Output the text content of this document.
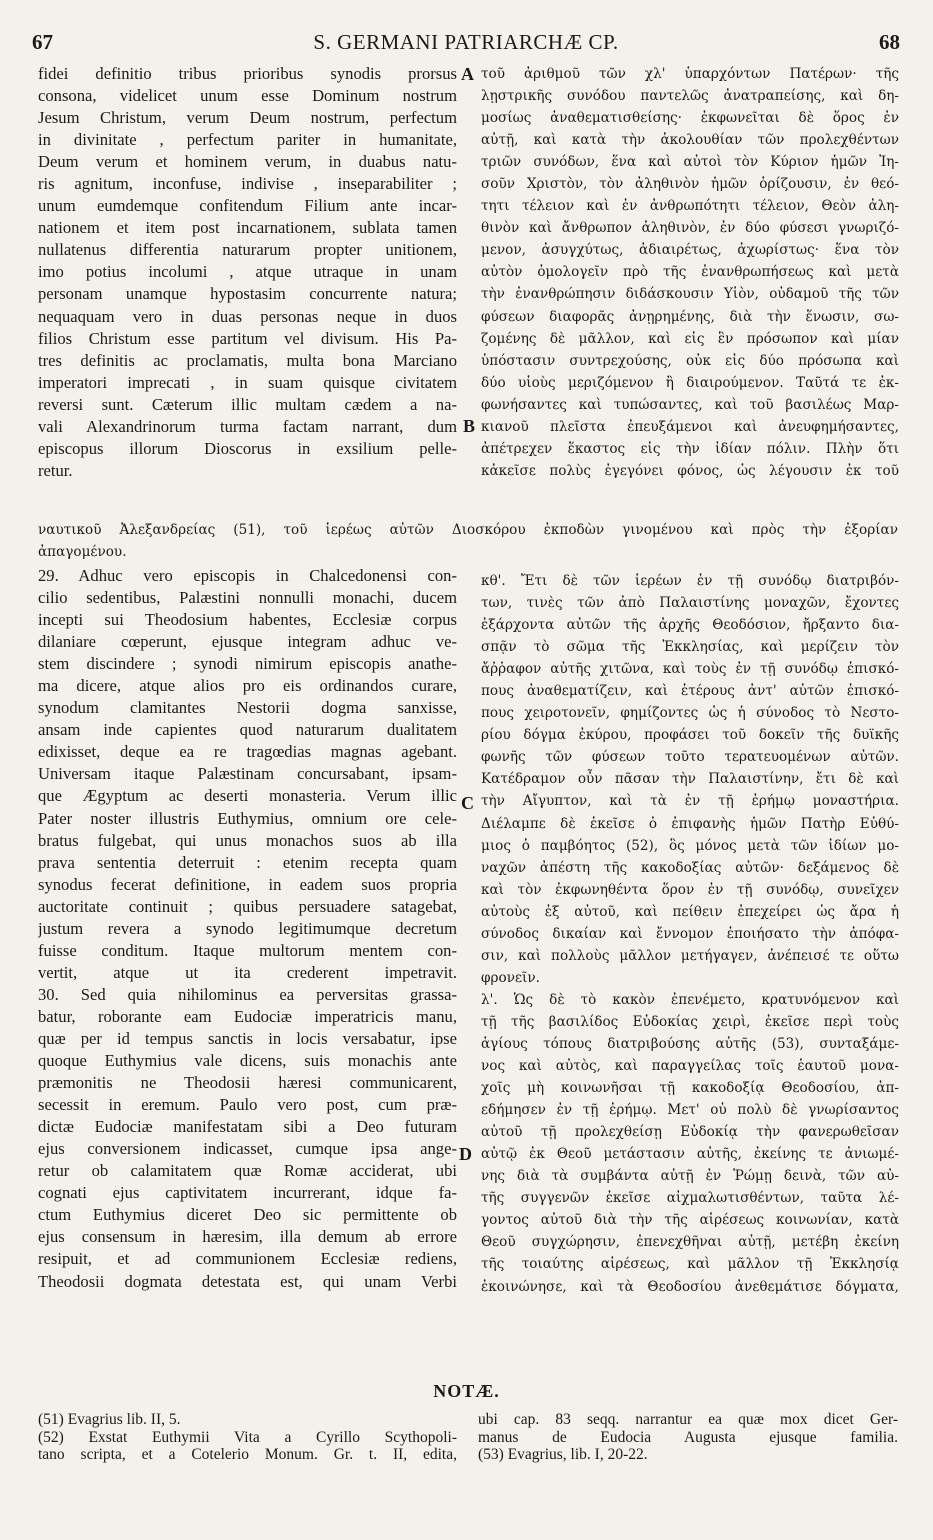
67	S. GERMANI PATRIARCHÆ CP.	68
fidei definitio tribus prioribus synodis prorsus
consona, videlicet unum esse Dominum nostrum
Jesum Christum, verum Deum nostrum, perfectum
in divinitate , perfectum pariter in humanitate,
Deum verum et hominem verum, in duabus natu-
ris agnitum, inconfuse, indivise , inseparabiliter ;
unum eumdemque confitendum Filium ante incar-
nationem et item post incarnationem, sublata tamen
nullatenus differentia naturarum propter unitionem,
imo potius incolumi , atque utraque in unam
personam unamque hypostasim concurrente natura;
nequaquam vero in duas personas neque in duos
filios Christum esse partitum vel divisum. His Pa-
tres definitis ac proclamatis, multa bona Marciano
imperatori imprecati , in suam quisque civitatem
reversi sunt. Cæterum illic multam cædem a na-
vali Alexandrinorum turma factam narrant, dum
episcopus illorum Dioscorus in exsilium pelle-
retur.
τοῦ ἀριθμοῦ τῶν χλ' ὑπαρχόντων Πατέρων· τῆς
λῃστρικῆς συνόδου παντελῶς ἀνατραπείσης, καὶ δη-
μοσίως ἀναθεματισθείσης· ἐκφωνεῖται δὲ ὅρος ἐν
αὐτῇ, καὶ κατὰ τὴν ἀκολουθίαν τῶν προλεχθέντων
τριῶν συνόδων, ἕνα καὶ αὐτοὶ τὸν Κύριον ἡμῶν Ἰη-
σοῦν Χριστὸν, τὸν ἀληθινὸν ἡμῶν ὁρίζουσιν, ἐν θεό-
τητι τέλειον καὶ ἐν ἀνθρωπότητι τέλειον, Θεὸν ἀλη-
θινὸν καὶ ἄνθρωπον ἀληθινὸν, ἐν δύο φύσεσι γνωριζό-
μενον, ἀσυγχύτως, ἀδιαιρέτως, ἀχωρίστως· ἕνα τὸν
αὐτὸν ὁμολογεῖν πρὸ τῆς ἐνανθρωπήσεως καὶ μετὰ
τὴν ἐνανθρώπησιν διδάσκουσιν Υἱὸν, οὐδαμοῦ τῆς τῶν
φύσεων διαφορᾶς ἀνῃρημένης, διὰ τὴν ἕνωσιν, σω-
ζομένης δὲ μᾶλλον, καὶ εἰς ἓν πρόσωπον καὶ μίαν
ὑπόστασιν συντρεχούσης, οὐκ εἰς δύο πρόσωπα καὶ
δύο υἱοὺς μεριζόμενον ἢ διαιρούμενον. Ταῦτά τε ἐκ-
φωνήσαντες καὶ τυπώσαντες, καὶ τοῦ βασιλέως Μαρ-
κιανοῦ πλεῖστα ἐπευξάμενοι καὶ ἀνευφημήσαντες,
ἀπέτρεχεν ἕκαστος εἰς τὴν ἰδίαν πόλιν. Πλὴν ὅτι
κἀκεῖσε πολὺς ἐγεγόνει φόνος, ὡς λέγουσιν ἐκ τοῦ
A
B
C
D
ναυτικοῦ Ἀλεξανδρείας (51), τοῦ ἱερέως αὐτῶν Διοσκόρου ἐκποδὼν γινομένου καὶ πρὸς τὴν ἐξορίαν
ἀπαγομένου.
29. Adhuc vero episcopis in Chalcedonensi con-
cilio sedentibus, Palæstini nonnulli monachi, ducem
incepti sui Theodosium habentes, Ecclesiæ corpus
dilaniare cœperunt, ejusque integram adhuc ve-
stem discindere ; synodi nimirum episcopis anathe-
ma dicere, atque alios pro eis ordinandos curare,
synodum clamitantes Nestorii dogma sanxisse,
ansam inde capientes quod naturarum dualitatem
edixisset, deque ea re tragœdias magnas agebant.
Universam itaque Palæstinam concursabant, ipsam-
que Ægyptum ac deserti monasteria. Verum illic
Pater noster illustris Euthymius, omnium ore cele-
bratus fulgebat, qui unus monachos suos ab illa
prava sententia deterruit : etenim recepta quam
synodus fecerat definitione, in eadem suos propria
auctoritate continuit ; quibus persuadere satagebat,
justum revera a synodo legitimumque decretum
fuisse conditum. Itaque multorum mentem con-
vertit, atque ut ita crederent impetravit.
30. Sed quia nihilominus ea perversitas grassa-
batur, roborante eam Eudociæ imperatricis manu,
quæ per id tempus sanctis in locis versabatur, ipse
quoque Euthymius vale dicens, suis monachis ante
præmonitis ne Theodosii hæresi communicarent,
secessit in eremum. Paulo vero post, cum præ-
dictæ Eudociæ manifestatam sibi a Deo futuram
ejus conversionem indicasset, cumque ipsa ange-
retur ob calamitatem quæ Romæ acciderat, ubi
cognati ejus captivitatem incurrerant, idque fa-
ctum Euthymius diceret Deo sic permittente ob
ejus consensum in hæresim, illa demum ab errore
resipuit, et ad communionem Ecclesiæ rediens,
Theodosii dogmata detestata est, qui unam Verbi
κθ'. Ἔτι δὲ τῶν ἱερέων ἐν τῇ συνόδῳ διατριβόν-
των, τινὲς τῶν ἀπὸ Παλαιστίνης μοναχῶν, ἔχοντες
ἐξάρχοντα αὐτῶν τῆς ἀρχῆς Θεοδόσιον, ἤρξαντο δια-
σπᾷν τὸ σῶμα τῆς Ἐκκλησίας, καὶ μερίζειν τὸν
ἄῤῥαφον αὐτῆς χιτῶνα, καὶ τοὺς ἐν τῇ συνόδῳ ἐπισκό-
πους ἀναθεματίζειν, καὶ ἑτέρους ἀντ' αὐτῶν ἐπισκό-
πους χειροτονεῖν, φημίζοντες ὡς ἡ σύνοδος τὸ Νεστο-
ρίου δόγμα ἐκύρου, προφάσει τοῦ δοκεῖν τῆς δυϊκῆς
φωνῆς τῶν φύσεων τοῦτο τερατευομένων αὐτῶν.
Κατέδραμον οὖν πᾶσαν τὴν Παλαιστίνην, ἔτι δὲ καὶ
τὴν Αἴγυπτον, καὶ τὰ ἐν τῇ ἐρήμῳ μοναστήρια.
Διέλαμπε δὲ ἐκεῖσε ὁ ἐπιφανὴς ἡμῶν Πατὴρ Εὐθύ-
μιος ὁ παμβόητος (52), ὃς μόνος μετὰ τῶν ἰδίων μο-
ναχῶν ἀπέστη τῆς κακοδοξίας αὐτῶν· δεξάμενος δὲ
καὶ τὸν ἐκφωνηθέντα ὅρον ἐν τῇ συνόδῳ, συνεῖχεν
αὐτοὺς ἐξ αὐτοῦ, καὶ πείθειν ἐπεχείρει ὡς ἄρα ἡ
σύνοδος δικαίαν καὶ ἔννομον ἐποιήσατο τὴν ἀπόφα-
σιν, καὶ πολλοὺς μᾶλλον μετήγαγεν, ἀνέπεισέ τε οὕτω
φρονεῖν.
λ'. Ὡς δὲ τὸ κακὸν ἐπενέμετο, κρατυνόμενον καὶ
τῇ τῆς βασιλίδος Εὐδοκίας χειρὶ, ἐκεῖσε περὶ τοὺς
ἁγίους τόπους διατριβούσης αὐτῆς (53), συνταξάμε-
νος καὶ αὐτὸς, καὶ παραγγείλας τοῖς ἑαυτοῦ μονα-
χοῖς μὴ κοινωνῆσαι τῇ κακοδοξίᾳ Θεοδοσίου, ἀπ-
εδήμησεν ἐν τῇ ἐρήμῳ. Μετ' οὐ πολὺ δὲ γνωρίσαντος
αὐτοῦ τῇ προλεχθείσῃ Εὐδοκίᾳ τὴν φανερωθεῖσαν
αὐτῷ ἐκ Θεοῦ μετάστασιν αὐτῆς, ἐκείνης τε ἀνιωμέ-
νης διὰ τὰ συμβάντα αὐτῇ ἐν Ῥώμῃ δεινὰ, τῶν αὐ-
τῆς συγγενῶν ἐκεῖσε αἰχμαλωτισθέντων, ταῦτα λέ-
γοντος αὐτοῦ διὰ τὴν τῆς αἱρέσεως κοινωνίαν, κατὰ
Θεοῦ συγχώρησιν, ἐπενεχθῆναι αὐτῇ, μετέβη ἐκείνη
τῆς τοιαύτης αἱρέσεως, καὶ μᾶλλον τῇ Ἐκκλησίᾳ
ἐκοινώνησε, καὶ τὰ Θεοδοσίου ἀνεθεμάτισε δόγματα,
NOTÆ.
(51) Evagrius lib. II, 5.
(52) Exstat Euthymii Vita a Cyrillo Scythopoli-
tano scripta, et a Cotelerio Monum. Gr. t. II, edita,
ubi cap. 83 seqq. narrantur ea quæ mox dicet Ger-
manus de Eudocia Augusta ejusque familia.
(53) Evagrius, lib. I, 20-22.
